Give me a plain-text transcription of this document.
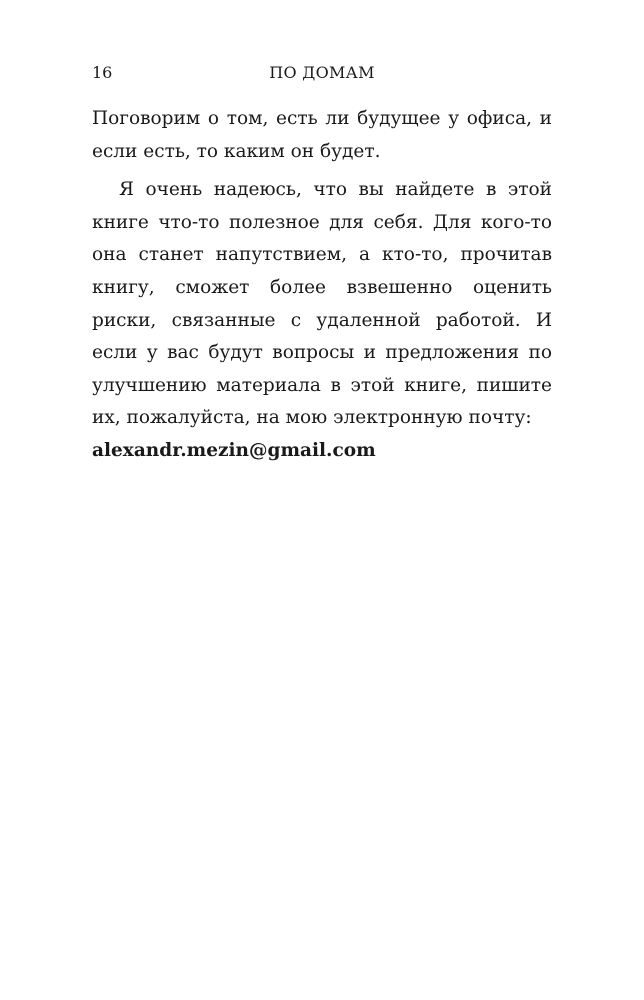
16	ПО ДОМАМ

Поговорим о том, есть ли будущее у офиса, и если есть, то каким он будет.

Я очень надеюсь, что вы найдете в этой книге что-то полезное для себя. Для кого-то она станет напутствием, а кто-то, прочитав книгу, сможет более взвешенно оценить риски, связанные с удаленной работой. И если у вас будут вопросы и предложения по улучшению материала в этой книге, пишите их, пожалуйста, на мою электронную почту:
alexandr.mezin@gmail.com
